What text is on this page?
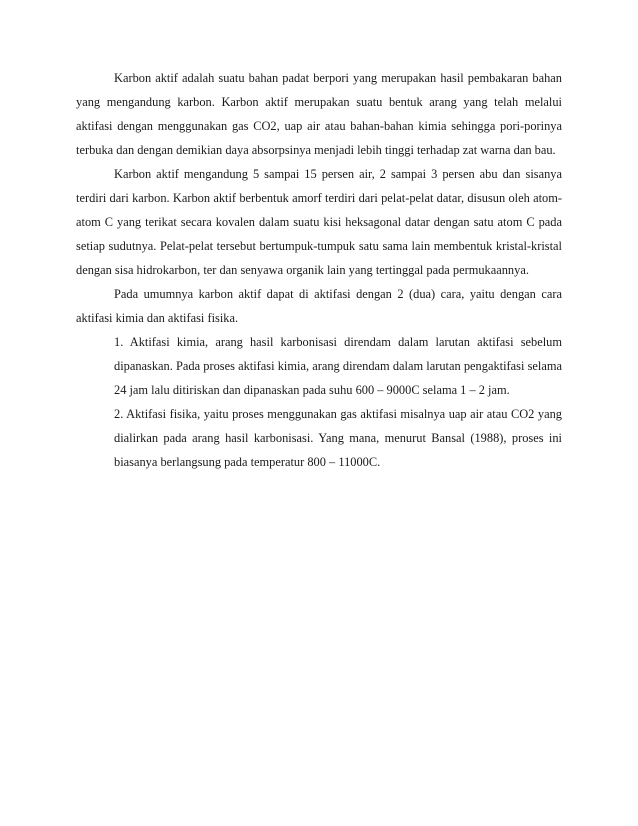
Karbon aktif adalah suatu bahan padat berpori yang merupakan hasil pembakaran bahan yang mengandung karbon. Karbon aktif merupakan suatu bentuk arang yang telah melalui aktifasi dengan menggunakan gas CO2, uap air atau bahan-bahan kimia sehingga pori-porinya terbuka dan dengan demikian daya absorpsinya menjadi lebih tinggi terhadap zat warna dan bau.

Karbon aktif mengandung 5 sampai 15 persen air, 2 sampai 3 persen abu dan sisanya terdiri dari karbon. Karbon aktif berbentuk amorf terdiri dari pelat-pelat datar, disusun oleh atom-atom C yang terikat secara kovalen dalam suatu kisi heksagonal datar dengan satu atom C pada setiap sudutnya. Pelat-pelat tersebut bertumpuk-tumpuk satu sama lain membentuk kristal-kristal dengan sisa hidrokarbon, ter dan senyawa organik lain yang tertinggal pada permukaannya.

Pada umumnya karbon aktif dapat di aktifasi dengan 2 (dua) cara, yaitu dengan cara aktifasi kimia dan aktifasi fisika.

1. Aktifasi kimia, arang hasil karbonisasi direndam dalam larutan aktifasi sebelum dipanaskan. Pada proses aktifasi kimia, arang direndam dalam larutan pengaktifasi selama 24 jam lalu ditiriskan dan dipanaskan pada suhu 600 – 9000C selama 1 – 2 jam.
2. Aktifasi fisika, yaitu proses menggunakan gas aktifasi misalnya uap air atau CO2 yang dialirkan pada arang hasil karbonisasi. Yang mana, menurut Bansal (1988), proses ini biasanya berlangsung pada temperatur 800 – 11000C.
